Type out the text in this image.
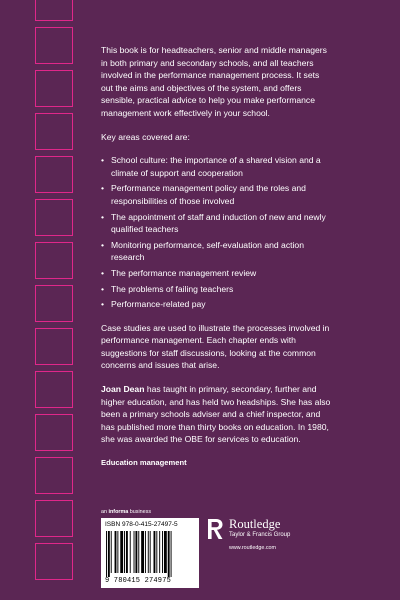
This book is for headteachers, senior and middle managers in both primary and secondary schools, and all teachers involved in the performance management process. It sets out the aims and objectives of the system, and offers sensible, practical advice to help you make performance management work effectively in your school.

Key areas covered are:

• School culture: the importance of a shared vision and a climate of support and cooperation
• Performance management policy and the roles and responsibilities of those involved
• The appointment of staff and induction of new and newly qualified teachers
• Monitoring performance, self-evaluation and action research
• The performance management review
• The problems of failing teachers
• Performance-related pay

Case studies are used to illustrate the processes involved in performance management. Each chapter ends with suggestions for staff discussions, looking at the common concerns and issues that arise.

Joan Dean has taught in primary, secondary, further and higher education, and has held two headships. She has also been a primary schools adviser and a chief inspector, and has published more than thirty books on education. In 1980, she was awarded the OBE for services to education.

Education management
an informa business
ISBN 978-0-415-27497-5
9 780415 274975
Routledge
Taylor & Francis Group
www.routledge.com
